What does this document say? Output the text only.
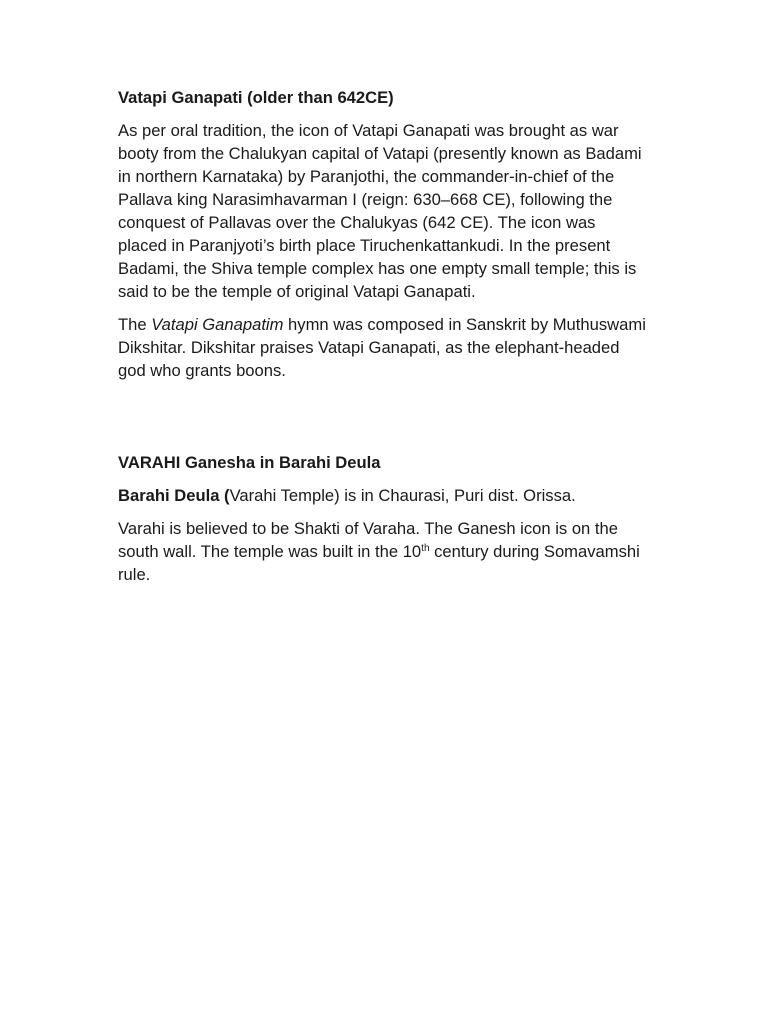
Vatapi Ganapati (older than 642CE)

As per oral tradition, the icon of Vatapi Ganapati was brought as war booty from the Chalukyan capital of Vatapi (presently known as Badami in northern Karnataka) by Paranjothi, the commander-in-chief of the Pallava king Narasimhavarman I (reign: 630–668 CE), following the conquest of Pallavas over the Chalukyas (642 CE). The icon was placed in Paranjyoti’s birth place Tiruchenkattankudi. In the present Badami, the Shiva temple complex has one empty small temple; this is said to be the temple of original Vatapi Ganapati.

The Vatapi Ganapatim hymn was composed in Sanskrit by Muthuswami Dikshitar. Dikshitar praises Vatapi Ganapati, as the elephant-headed god who grants boons.

VARAHI Ganesha in Barahi Deula

Barahi Deula (Varahi Temple) is in Chaurasi, Puri dist. Orissa.

Varahi is believed to be Shakti of Varaha. The Ganesh icon is on the south wall. The temple was built in the 10th century during Somavamshi rule.
